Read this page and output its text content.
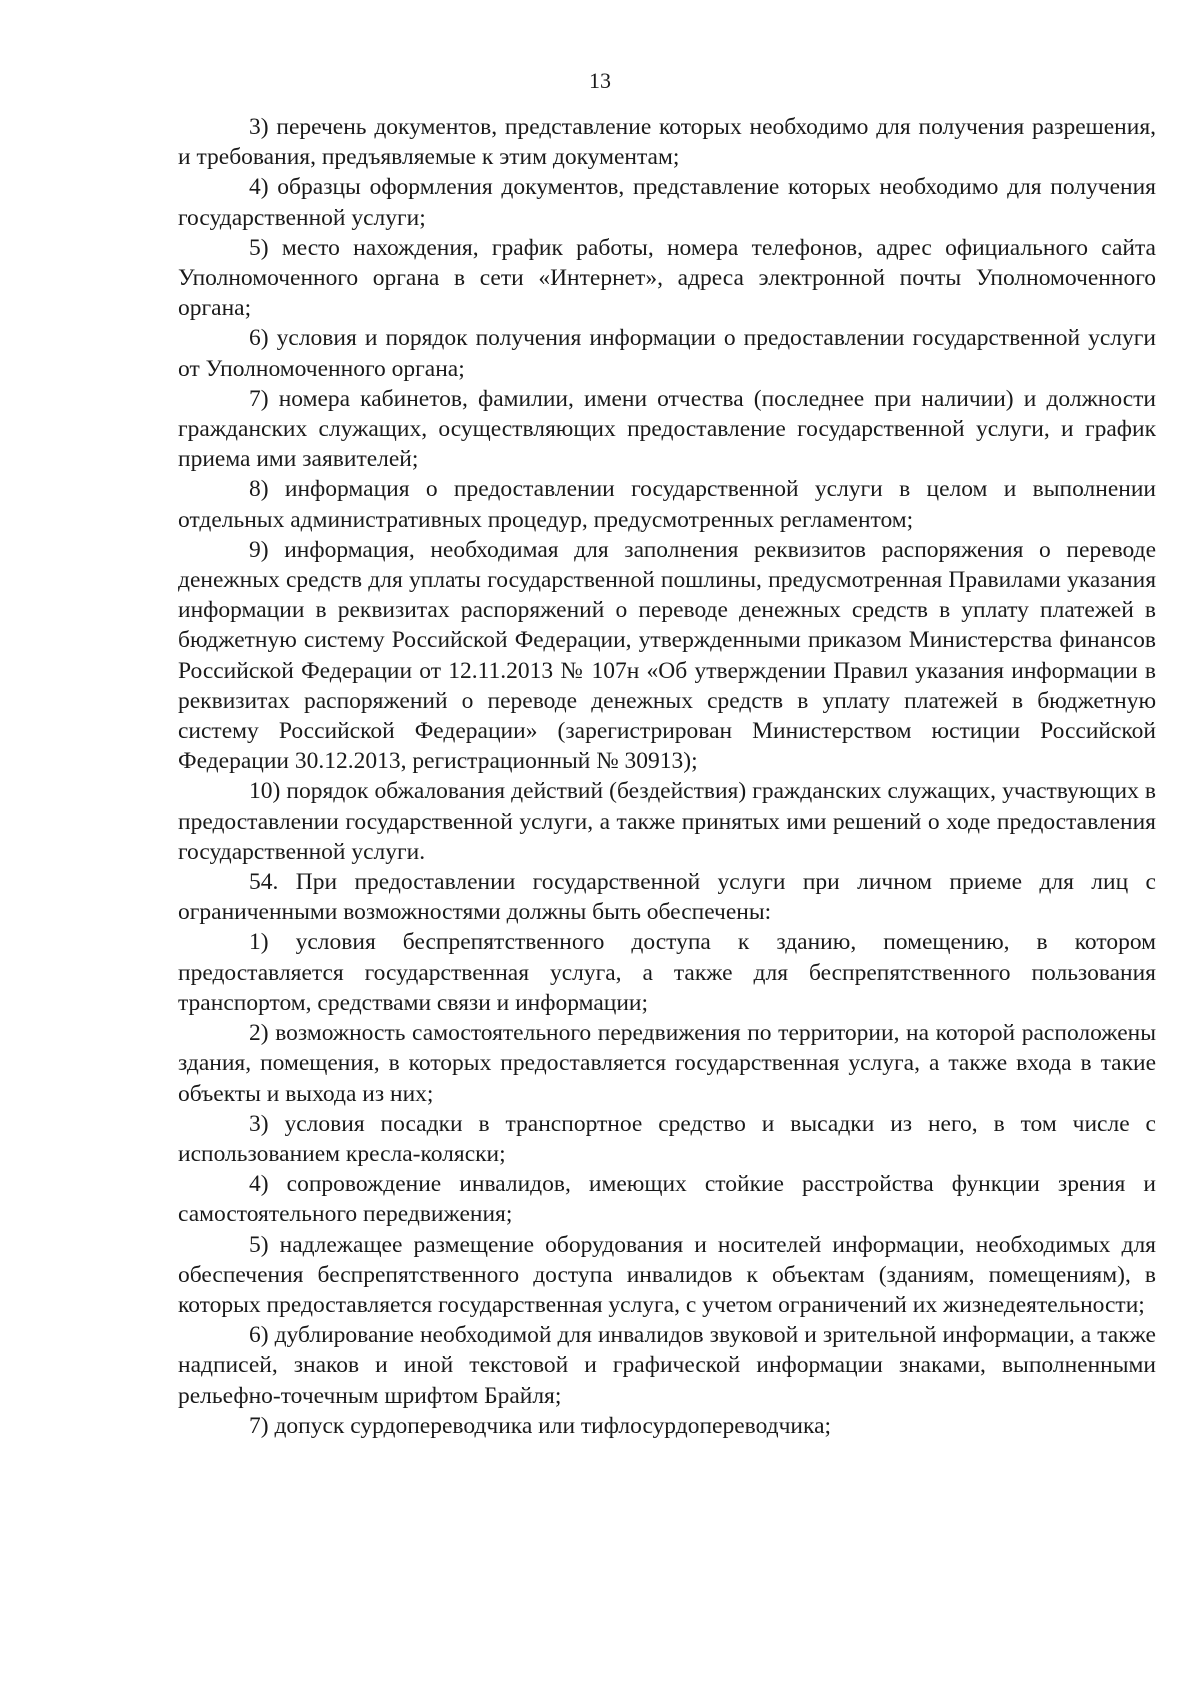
13

3) перечень документов, представление которых необходимо для получения разрешения, и требования, предъявляемые к этим документам;

4) образцы оформления документов, представление которых необходимо для получения государственной услуги;

5) место нахождения, график работы, номера телефонов, адрес официального сайта Уполномоченного органа в сети «Интернет», адреса электронной почты Уполномоченного органа;

6) условия и порядок получения информации о предоставлении государственной услуги от Уполномоченного органа;

7) номера кабинетов, фамилии, имени отчества (последнее при наличии) и должности гражданских служащих, осуществляющих предоставление государственной услуги, и график приема ими заявителей;

8) информация о предоставлении государственной услуги в целом и выполнении отдельных административных процедур, предусмотренных регламентом;

9) информация, необходимая для заполнения реквизитов распоряжения о переводе денежных средств для уплаты государственной пошлины, предусмотренная Правилами указания информации в реквизитах распоряжений о переводе денежных средств в уплату платежей в бюджетную систему Российской Федерации, утвержденными приказом Министерства финансов Российской Федерации от 12.11.2013 № 107н «Об утверждении Правил указания информации в реквизитах распоряжений о переводе денежных средств в уплату платежей в бюджетную систему Российской Федерации» (зарегистрирован Министерством юстиции Российской Федерации 30.12.2013, регистрационный № 30913);

10) порядок обжалования действий (бездействия) гражданских служащих, участвующих в предоставлении государственной услуги, а также принятых ими решений о ходе предоставления государственной услуги.

54. При предоставлении государственной услуги при личном приеме для лиц с ограниченными возможностями должны быть обеспечены:

1) условия беспрепятственного доступа к зданию, помещению, в котором предоставляется государственная услуга, а также для беспрепятственного пользования транспортом, средствами связи и информации;

2) возможность самостоятельного передвижения по территории, на которой расположены здания, помещения, в которых предоставляется государственная услуга, а также входа в такие объекты и выхода из них;

3) условия посадки в транспортное средство и высадки из него, в том числе с использованием кресла-коляски;

4) сопровождение инвалидов, имеющих стойкие расстройства функции зрения и самостоятельного передвижения;

5) надлежащее размещение оборудования и носителей информации, необходимых для обеспечения беспрепятственного доступа инвалидов к объектам (зданиям, помещениям), в которых предоставляется государственная услуга, с учетом ограничений их жизнедеятельности;

6) дублирование необходимой для инвалидов звуковой и зрительной информации, а также надписей, знаков и иной текстовой и графической информации знаками, выполненными рельефно-точечным шрифтом Брайля;

7) допуск сурдопереводчика или тифлосурдопереводчика;
